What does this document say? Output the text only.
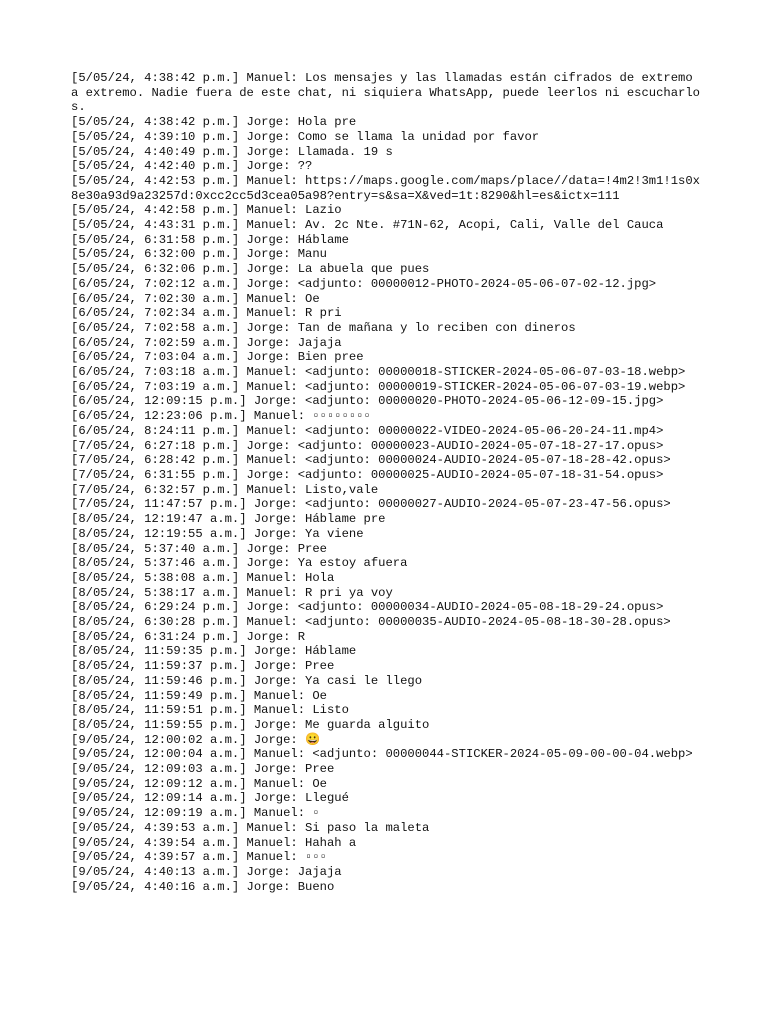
[5/05/24, 4:38:42 p.m.] Manuel: Los mensajes y las llamadas están cifrados de extremo a extremo. Nadie fuera de este chat, ni siquiera WhatsApp, puede leerlos ni escucharlos.
[5/05/24, 4:38:42 p.m.] Jorge: Hola pre
[5/05/24, 4:39:10 p.m.] Jorge: Como se llama la unidad por favor
[5/05/24, 4:40:49 p.m.] Jorge: Llamada. 19 s
[5/05/24, 4:42:40 p.m.] Jorge: ??
[5/05/24, 4:42:53 p.m.] Manuel: https://maps.google.com/maps/place//data=!4m2!3m1!1s0x8e30a93d9a23257d:0xcc2cc5d3cea05a98?entry=s&sa=X&ved=1t:8290&hl=es&ictx=111
[5/05/24, 4:42:58 p.m.] Manuel: Lazio
[5/05/24, 4:43:31 p.m.] Manuel: Av. 2c Nte. #71N-62, Acopi, Cali, Valle del Cauca
[5/05/24, 6:31:58 p.m.] Jorge: Háblame
[5/05/24, 6:32:00 p.m.] Jorge: Manu
[5/05/24, 6:32:06 p.m.] Jorge: La abuela que pues
[6/05/24, 7:02:12 a.m.] Jorge: <adjunto: 00000012-PHOTO-2024-05-06-07-02-12.jpg>
[6/05/24, 7:02:30 a.m.] Manuel: Oe
[6/05/24, 7:02:34 a.m.] Manuel: R pri
[6/05/24, 7:02:58 a.m.] Jorge: Tan de mañana y lo reciben con dineros
[6/05/24, 7:02:59 a.m.] Jorge: Jajaja
[6/05/24, 7:03:04 a.m.] Jorge: Bien pree
[6/05/24, 7:03:18 a.m.] Manuel: <adjunto: 00000018-STICKER-2024-05-06-07-03-18.webp>
[6/05/24, 7:03:19 a.m.] Manuel: <adjunto: 00000019-STICKER-2024-05-06-07-03-19.webp>
[6/05/24, 12:09:15 p.m.] Jorge: <adjunto: 00000020-PHOTO-2024-05-06-12-09-15.jpg>
[6/05/24, 12:23:06 p.m.] Manuel: ▫▫▫▫▫▫▫▫
[6/05/24, 8:24:11 p.m.] Manuel: <adjunto: 00000022-VIDEO-2024-05-06-20-24-11.mp4>
[7/05/24, 6:27:18 p.m.] Jorge: <adjunto: 00000023-AUDIO-2024-05-07-18-27-17.opus>
[7/05/24, 6:28:42 p.m.] Manuel: <adjunto: 00000024-AUDIO-2024-05-07-18-28-42.opus>
[7/05/24, 6:31:55 p.m.] Jorge: <adjunto: 00000025-AUDIO-2024-05-07-18-31-54.opus>
[7/05/24, 6:32:57 p.m.] Manuel: Listo,vale
[7/05/24, 11:47:57 p.m.] Jorge: <adjunto: 00000027-AUDIO-2024-05-07-23-47-56.opus>
[8/05/24, 12:19:47 a.m.] Jorge: Háblame pre
[8/05/24, 12:19:55 a.m.] Jorge: Ya viene
[8/05/24, 5:37:40 a.m.] Jorge: Pree
[8/05/24, 5:37:46 a.m.] Jorge: Ya estoy afuera
[8/05/24, 5:38:08 a.m.] Manuel: Hola
[8/05/24, 5:38:17 a.m.] Manuel: R pri ya voy
[8/05/24, 6:29:24 p.m.] Jorge: <adjunto: 00000034-AUDIO-2024-05-08-18-29-24.opus>
[8/05/24, 6:30:28 p.m.] Manuel: <adjunto: 00000035-AUDIO-2024-05-08-18-30-28.opus>
[8/05/24, 6:31:24 p.m.] Jorge: R
[8/05/24, 11:59:35 p.m.] Jorge: Háblame
[8/05/24, 11:59:37 p.m.] Jorge: Pree
[8/05/24, 11:59:46 p.m.] Jorge: Ya casi le llego
[8/05/24, 11:59:49 p.m.] Manuel: Oe
[8/05/24, 11:59:51 p.m.] Manuel: Listo
[8/05/24, 11:59:55 p.m.] Jorge: Me guarda alguito
[9/05/24, 12:00:02 a.m.] Jorge: 😀
[9/05/24, 12:00:04 a.m.] Manuel: <adjunto: 00000044-STICKER-2024-05-09-00-00-04.webp>
[9/05/24, 12:09:03 a.m.] Jorge: Pree
[9/05/24, 12:09:12 a.m.] Manuel: Oe
[9/05/24, 12:09:14 a.m.] Jorge: Llegué
[9/05/24, 12:09:19 a.m.] Manuel: ▫
[9/05/24, 4:39:53 a.m.] Manuel: Si paso la maleta
[9/05/24, 4:39:54 a.m.] Manuel: Hahah a
[9/05/24, 4:39:57 a.m.] Manuel: ▫▫▫
[9/05/24, 4:40:13 a.m.] Jorge: Jajaja
[9/05/24, 4:40:16 a.m.] Jorge: Bueno
